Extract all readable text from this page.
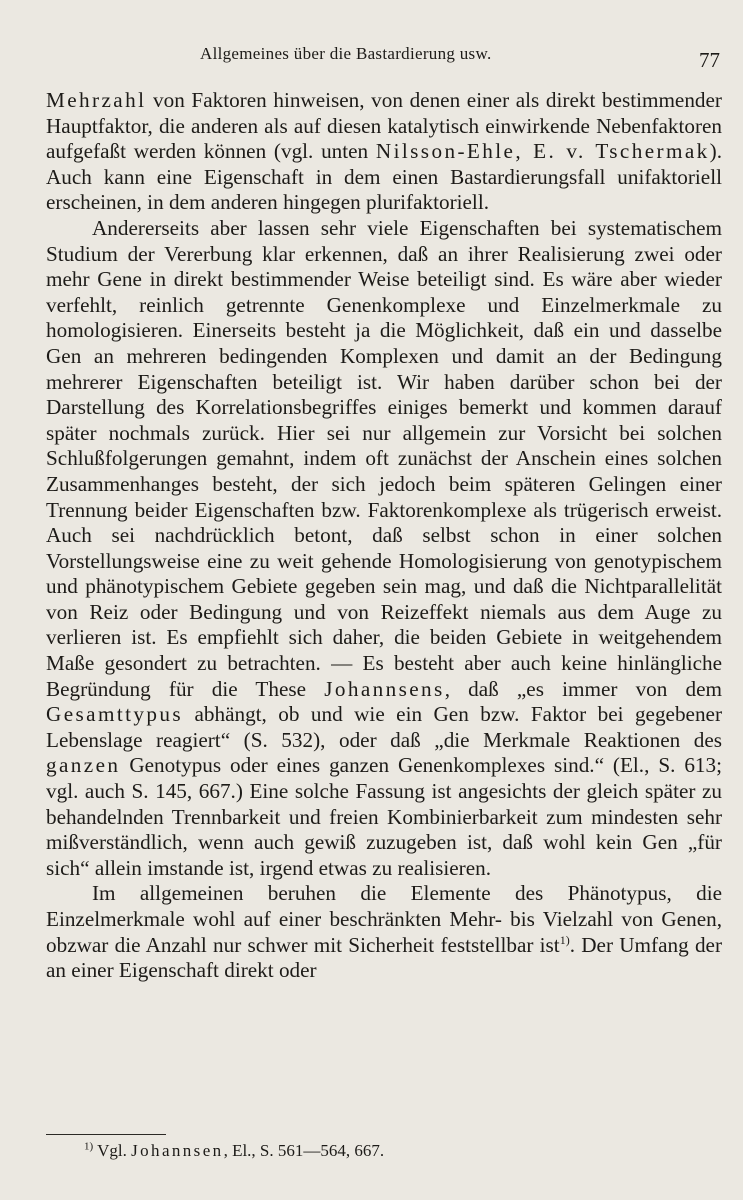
Allgemeines über die Bastardierung usw.	77

Mehrzahl von Faktoren hinweisen, von denen einer als direkt bestimmender Hauptfaktor, die anderen als auf diesen katalytisch einwirkende Nebenfaktoren aufgefaßt werden können (vgl. unten Nilsson-Ehle, E. v. Tschermak). Auch kann eine Eigenschaft in dem einen Bastardierungsfall unifaktoriell erscheinen, in dem anderen hingegen plurifaktoriell.

Andererseits aber lassen sehr viele Eigenschaften bei systematischem Studium der Vererbung klar erkennen, daß an ihrer Realisierung zwei oder mehr Gene in direkt bestimmender Weise beteiligt sind. Es wäre aber wieder verfehlt, reinlich getrennte Genenkomplexe und Einzelmerkmale zu homologisieren. Einerseits besteht ja die Möglichkeit, daß ein und dasselbe Gen an mehreren bedingenden Komplexen und damit an der Bedingung mehrerer Eigenschaften beteiligt ist. Wir haben darüber schon bei der Darstellung des Korrelationsbegriffes einiges bemerkt und kommen darauf später nochmals zurück. Hier sei nur allgemein zur Vorsicht bei solchen Schlußfolgerungen gemahnt, indem oft zunächst der Anschein eines solchen Zusammenhanges besteht, der sich jedoch beim späteren Gelingen einer Trennung beider Eigenschaften bzw. Faktorenkomplexe als trügerisch erweist. Auch sei nachdrücklich betont, daß selbst schon in einer solchen Vorstellungsweise eine zu weit gehende Homologisierung von genotypischem und phänotypischem Gebiete gegeben sein mag, und daß die Nichtparallelität von Reiz oder Bedingung und von Reizeffekt niemals aus dem Auge zu verlieren ist. Es empfiehlt sich daher, die beiden Gebiete in weitgehendem Maße gesondert zu betrachten. — Es besteht aber auch keine hinlängliche Begründung für die These Johannsens, daß „es immer von dem Gesamttypus abhängt, ob und wie ein Gen bzw. Faktor bei gegebener Lebenslage reagiert“ (S. 532), oder daß „die Merkmale Reaktionen des ganzen Genotypus oder eines ganzen Genenkomplexes sind.“ (El., S. 613; vgl. auch S. 145, 667.) Eine solche Fassung ist angesichts der gleich später zu behandelnden Trennbarkeit und freien Kombinierbarkeit zum mindesten sehr mißverständlich, wenn auch gewiß zuzugeben ist, daß wohl kein Gen „für sich“ allein imstande ist, irgend etwas zu realisieren.

Im allgemeinen beruhen die Elemente des Phänotypus, die Einzelmerkmale wohl auf einer beschränkten Mehr- bis Vielzahl von Genen, obzwar die Anzahl nur schwer mit Sicherheit feststellbar ist$^{1)}$. Der Umfang der an einer Eigenschaft direkt oder

$^{1)}$ Vgl. Johannsen, El., S. 561—564, 667.
